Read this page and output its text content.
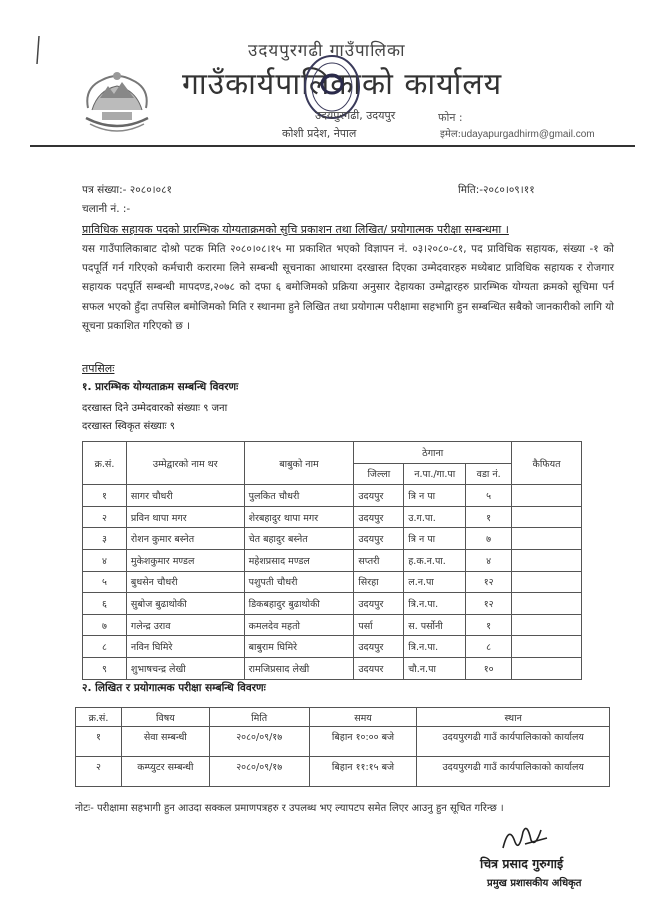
उदयपुरगढी गाउँपालिका
गाउँकार्यपालिकाको कार्यालय
उदयपुरगढी, उदयपुर
कोशी प्रदेश, नेपाल
फोन :
इमेल:udayapurgadhirm@gmail.com
पत्र संख्या:- २०८०।०८१	मिति:-२०८०।०९।११
चलानी नं. :-
प्राविधिक सहायक पदको प्रारम्भिक योग्यताक्रमको सुचि प्रकाशन तथा लिखित/ प्रयोगात्मक परीक्षा सम्बन्धमा ।
यस गाउँपालिकाबाट दोश्रो पटक मिति २०८०।०८।१५ मा प्रकाशित भएको विज्ञापन नं. ०३।२०८०-८१, पद प्राविधिक सहायक, संख्या -१ को पदपूर्ति गर्न गरिएको कर्मचारी करारमा लिने सम्बन्धी सूचनाका आधारमा दरखास्त दिएका उम्मेदवारहरु मध्येबाट प्राविधिक सहायक र रोजगार सहायक पदपूर्ति सम्बन्धी मापदण्ड,२०७८ को दफा ६ बमोजिमको प्रक्रिया अनुसार देहायका उम्मेद्वारहरु प्रारम्भिक योग्यता क्रमको सूचिमा पर्न सफल भएको हुँदा तपसिल बमोजिमको मिति र स्थानमा हुने लिखित तथा प्रयोगात्म परीक्षामा सहभागि हुन सम्बन्धित सबैको जानकारीको लागि यो सूचना प्रकाशित गरिएको छ ।
तपसिलः
१. प्रारम्भिक योग्यताक्रम सम्बन्धि विवरणः
दरखास्त दिने उम्मेदवारको संख्याः ९ जना
दरखास्त स्विकृत संख्याः ९
क्र.सं.	उम्मेद्वारको नाम थर	बाबुको नाम	ठेगाना			कैफियत
			जिल्ला	न.पा./गा.पा	वडा नं.	
१	सागर चौधरी	पुलकित चौधरी	उदयपुर	त्रि न पा	५	
२	प्रविन थापा मगर	शेरबहादुर थापा मगर	उदयपुर	उ.ग.पा.	१	
३	रोशन कुमार बस्नेत	चेत बहादुर बस्नेत	उदयपुर	त्रि न पा	७	
४	मुकेशकुमार मण्डल	महेशप्रसाद मण्डल	सप्तरी	ह.क.न.पा.	४	
५	बुधसेन चौधरी	पशुपती चौधरी	सिरहा	ल.न.पा	१२	
६	सुबोज बुढाथोकी	डिकबहादुर बुढाथोकी	उदयपुर	त्रि.न.पा.	१२	
७	गलेन्द्र उराव	कमलदेव महतो	पर्सा	स. पर्सोनी	१	
८	नविन घिमिरे	बाबुराम घिमिरे	उदयपुर	त्रि.न.पा.	८	
९	शुभाषचन्द्र लेखी	रामजिप्रसाद लेखी	उदयपर	चौ.न.पा	१०	
२. लिखित र प्रयोगात्मक परीक्षा सम्बन्धि विवरणः
क्र.सं.	विषय	मिति	समय	स्थान
१	सेवा सम्बन्धी	२०८०/०९/१७	बिहान १०:०० बजे	उदयपुरगढी गाउँ कार्यपालिकाको कार्यालय
२	कम्प्युटर सम्बन्धी	२०८०/०९/१७	बिहान ११:१५ बजे	उदयपुरगढी गाउँ कार्यपालिकाको कार्यालय
नोटः- परीक्षामा सहभागी हुन आउदा सक्कल प्रमाणपत्रहरु र उपलब्ध भए ल्यापटप समेत लिएर आउनु हुन सूचित गरिन्छ ।
चित्र प्रसाद गुरुगाई
प्रमुख प्रशासकीय अधिकृत
